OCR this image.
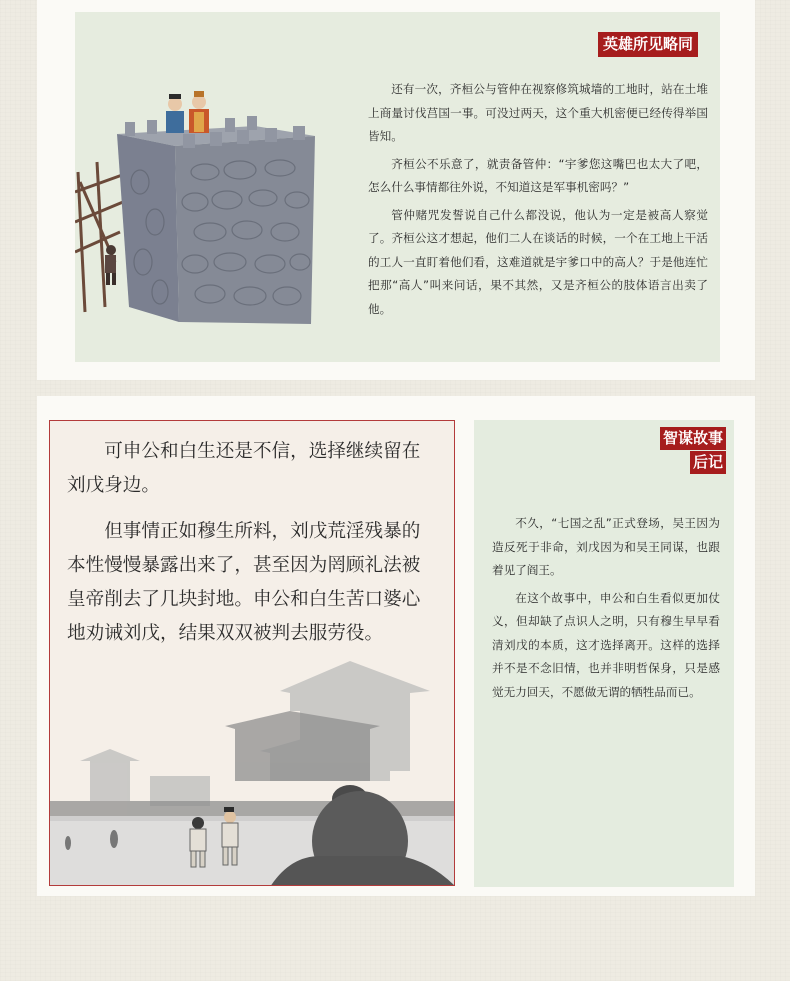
英雄所见略同

还有一次，齐桓公与管仲在视察修筑城墙的工地时，站在土堆上商量讨伐莒国一事。可没过两天，这个重大机密便已经传得举国皆知。

齐桓公不乐意了，就责备管仲：“宇爹您这嘴巴也太大了吧，怎么什么事情都往外说，不知道这是军事机密吗？”

管仲赌咒发誓说自己什么都没说，他认为一定是被高人察觉了。齐桓公这才想起，他们二人在谈话的时候，一个在工地上干活的工人一直盯着他们看，这难道就是宇爹口中的高人？于是他连忙把那“高人”叫来问话，果不其然，又是齐桓公的肢体语言出卖了他。

可申公和白生还是不信，选择继续留在刘戊身边。

但事情正如穆生所料，刘戊荒淫残暴的本性慢慢暴露出来了，甚至因为罔顾礼法被皇帝削去了几块封地。申公和白生苦口婆心地劝诫刘戊，结果双双被判去服劳役。

智谋故事
后记

不久，“七国之乱”正式登场，吴王因为造反死于非命，刘戊因为和吴王同谋，也跟着见了阎王。

在这个故事中，申公和白生看似更加仗义，但却缺了点识人之明，只有穆生早早看清刘戊的本质，这才选择离开。这样的选择并不是不念旧情，也并非明哲保身，只是感觉无力回天，不愿做无谓的牺牲品而已。
